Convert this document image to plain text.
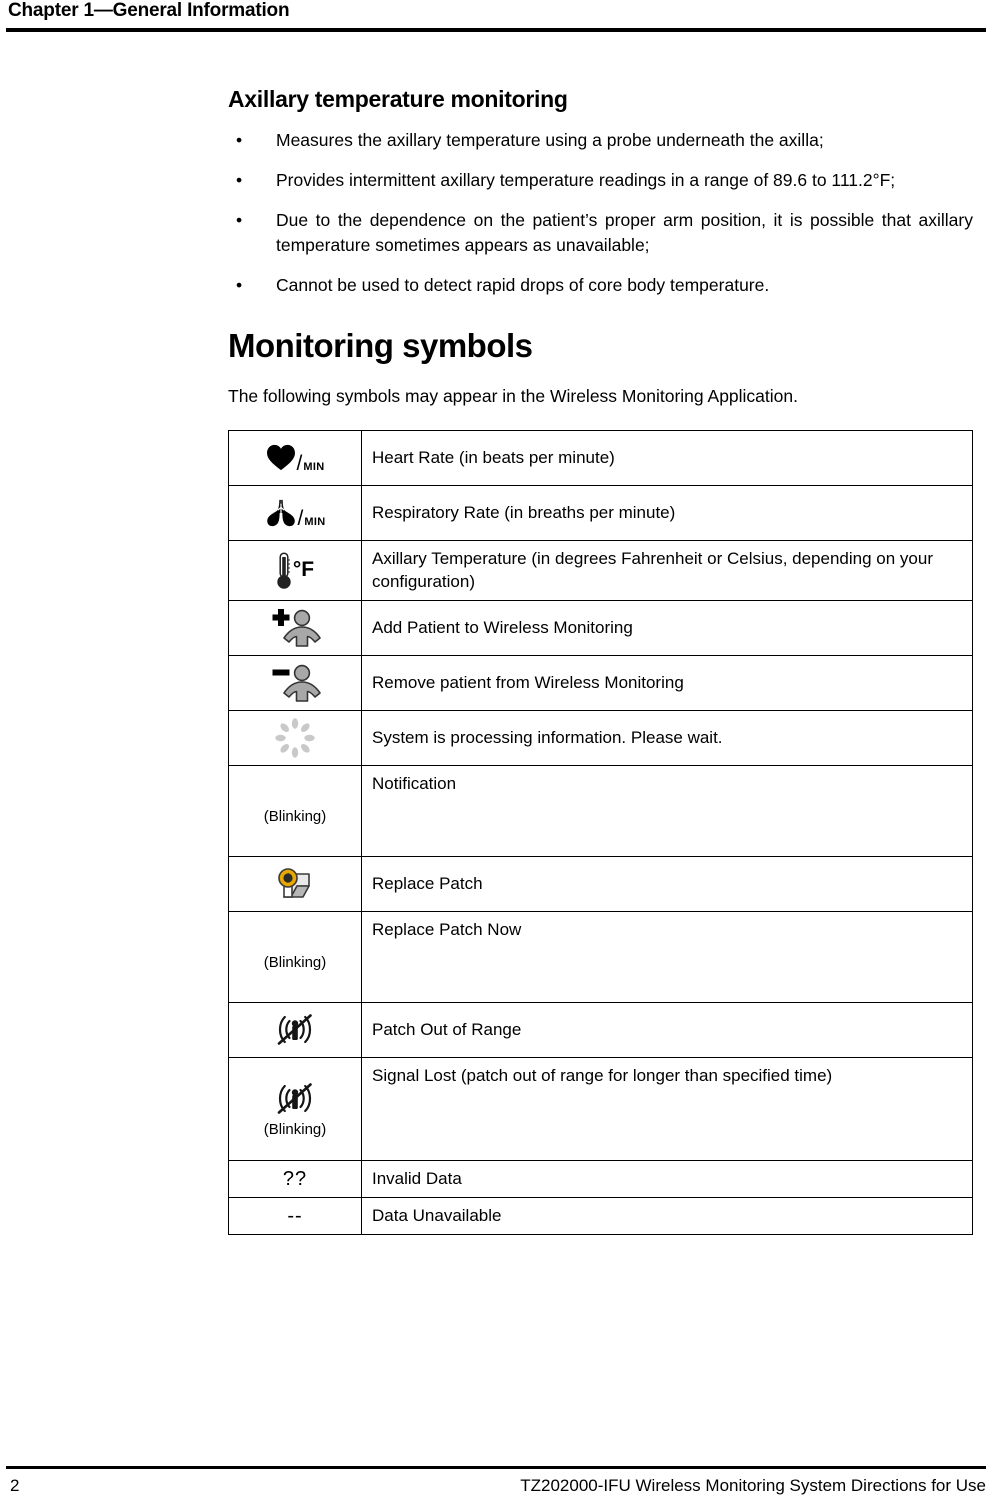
Chapter 1—General Information
Axillary temperature monitoring
• Measures the axillary temperature using a probe underneath the axilla;
• Provides intermittent axillary temperature readings in a range of 89.6 to 111.2°F;
• Due to the dependence on the patient’s proper arm position, it is possible that axillary temperature sometimes appears as unavailable;
• Cannot be used to detect rapid drops of core body temperature.
Monitoring symbols

The following symbols may appear in the Wireless Monitoring Application.

/ MIN	Heart Rate (in beats per minute)

/ MIN	Respiratory Rate (in breaths per minute)

°F	Axillary Temperature (in degrees Fahrenheit or Celsius, depending on your configuration)

	Add Patient to Wireless Monitoring

	Remove patient from Wireless Monitoring

	System is processing information. Please wait.

(Blinking)	Notification

	Replace Patch

(Blinking)	Replace Patch Now

	Patch Out of Range

(Blinking)	Signal Lost (patch out of range for longer than specified time)
??	Invalid Data
--	Data Unavailable
2	TZ202000-IFU Wireless Monitoring System Directions for Use
